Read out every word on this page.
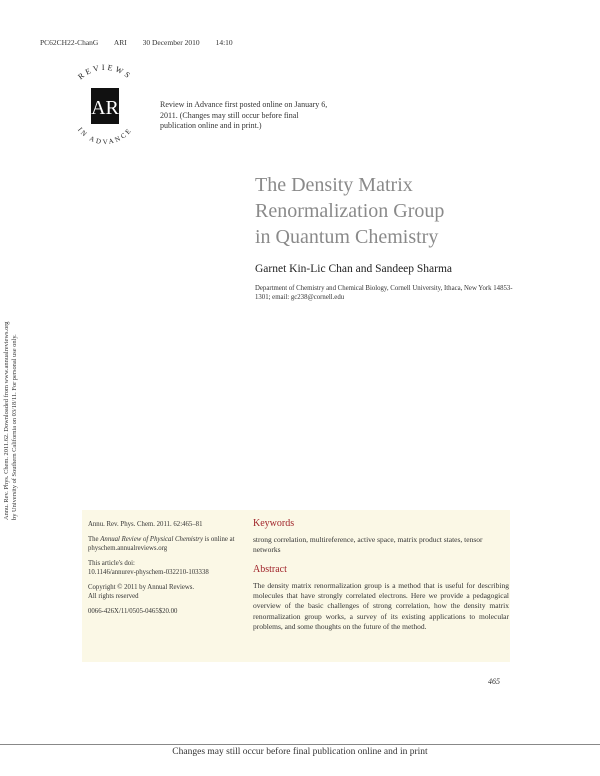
PC62CH22-ChanG ARI 30 December 2010 14:10
REVIEWS
IN ADVANCE
AR	Review in Advance first posted online on January 6, 2011. (Changes may still occur before final publication online and in print.)
The Density Matrix
Renormalization Group
in Quantum Chemistry
Garnet Kin-Lic Chan and Sandeep Sharma
Department of Chemistry and Chemical Biology, Cornell University, Ithaca, New York 14853-1301; email: gc238@cornell.edu
Annu. Rev. Phys. Chem. 2011.62. Downloaded from www.annualreviews.org by University of Southern California on 03/18/11. For personal use only.

Annu. Rev. Phys. Chem. 2011. 62:465–81

The Annual Review of Physical Chemistry is online at physchem.annualreviews.org

This article's doi:

10.1146/annurev-physchem-032210-103338

Copyright © 2011 by Annual Reviews.

All rights reserved

0066-426X/11/0505-0465$20.00

Keywords

strong correlation, multireference, active space, matrix product states, tensor networks

Abstract

The density matrix renormalization group is a method that is useful for describing molecules that have strongly correlated electrons. Here we provide a pedagogical overview of the basic challenges of strong correlation, how the density matrix renormalization group works, a survey of its existing applications to molecular problems, and some thoughts on the future of the method.

465
Changes may still occur before final publication online and in print
